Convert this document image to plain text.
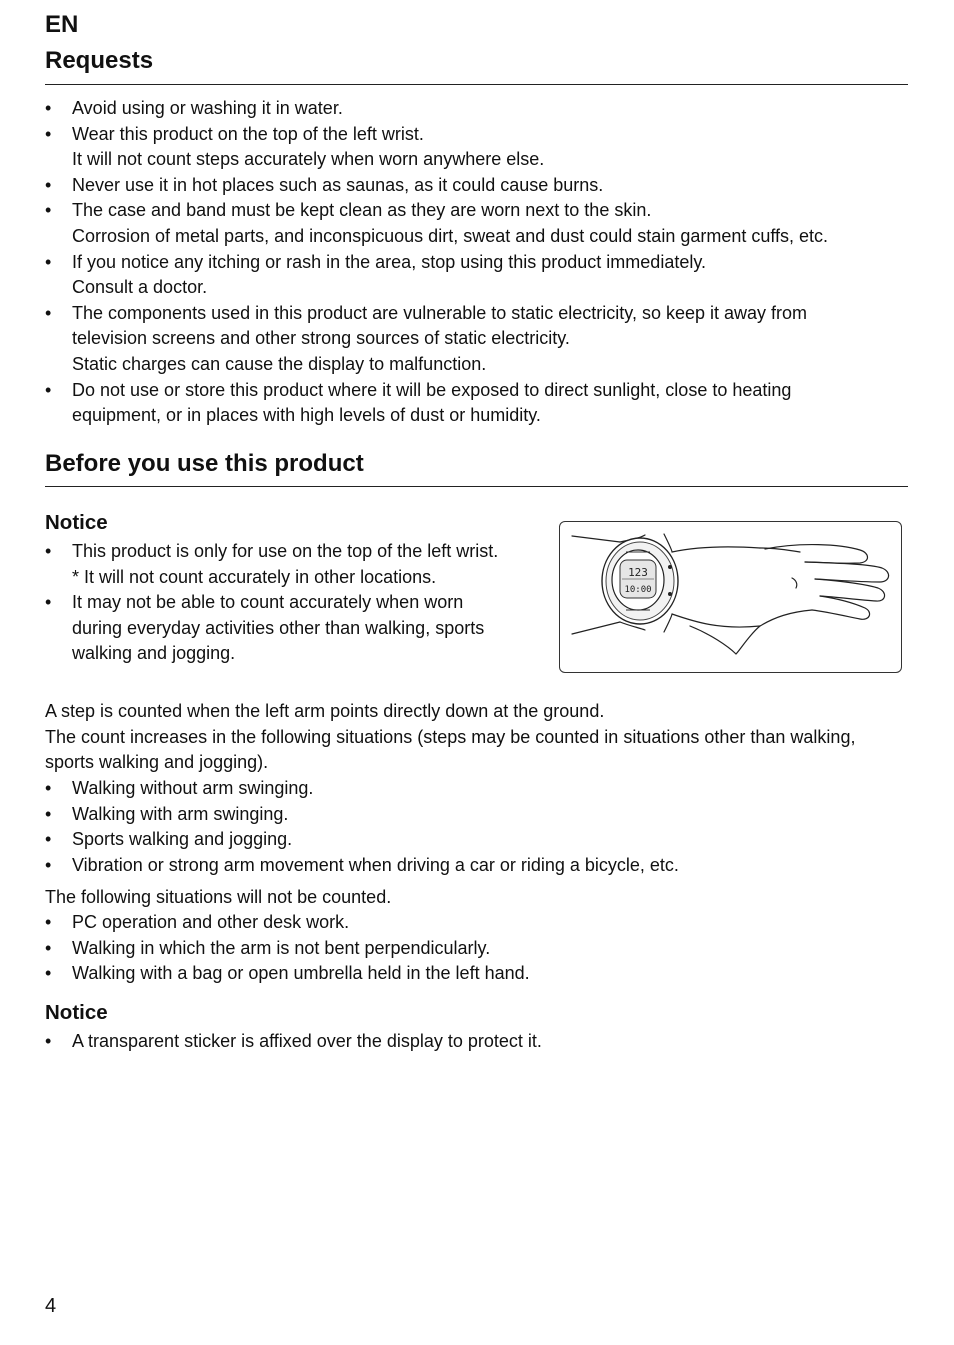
EN
Requests
• Avoid using or washing it in water.
• Wear this product on the top of the left wrist.
It will not count steps accurately when worn anywhere else.
• Never use it in hot places such as saunas, as it could cause burns.
• The case and band must be kept clean as they are worn next to the skin.
Corrosion of metal parts, and inconspicuous dirt, sweat and dust could stain garment cuffs, etc.
• If you notice any itching or rash in the area, stop using this product immediately.
Consult a doctor.
• The components used in this product are vulnerable to static electricity, so keep it away from
television screens and other strong sources of static electricity.
Static charges can cause the display to malfunction.
• Do not use or store this product where it will be exposed to direct sunlight, close to heating
equipment, or in places with high levels of dust or humidity.
Before you use this product
Notice
• This product is only for use on the top of the left wrist.
* It will not count accurately in other locations.
• It may not be able to count accurately when worn
during everyday activities other than walking, sports
walking and jogging.
123
10:00

A step is counted when the left arm points directly down at the ground.
The count increases in the following situations (steps may be counted in situations other than walking,
sports walking and jogging).

• Walking without arm swinging.
• Walking with arm swinging.
• Sports walking and jogging.
• Vibration or strong arm movement when driving a car or riding a bicycle, etc.

The following situations will not be counted.

• PC operation and other desk work.
• Walking in which the arm is not bent perpendicularly.
• Walking with a bag or open umbrella held in the left hand.
Notice
• A transparent sticker is affixed over the display to protect it.
4
